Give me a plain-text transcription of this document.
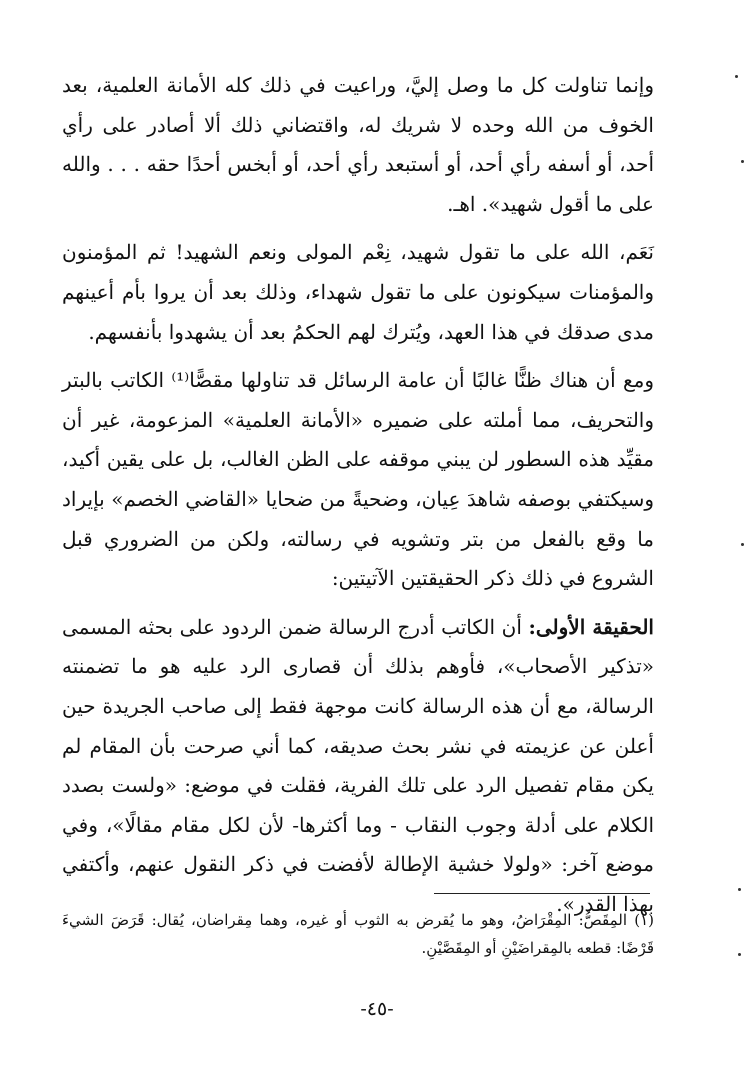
وإنما تناولت كل ما وصل إليَّ، وراعيت في ذلك كله الأمانة العلمية، بعد الخوف من الله وحده لا شريك له، واقتضاني ذلك ألا أصادر على رأي أحد، أو أسفه رأي أحد، أو أستبعد رأي أحد، أو أبخس أحدًا حقه . . . والله على ما أقول شهيد». اهـ.

نَعَم، الله على ما تقول شهيد، نِعْم المولى ونعم الشهيد! ثم المؤمنون والمؤمنات سيكونون على ما تقول شهداء، وذلك بعد أن يروا بأم أعينهم مدى صدقك في هذا العهد، ويُترك لهم الحكمُ بعد أن يشهدوا بأنفسهم.

ومع أن هناك ظنًّا غالبًا أن عامة الرسائل قد تناولها مقصًّا⁽¹⁾ الكاتب بالبتر والتحريف، مما أملته على ضميره «الأمانة العلمية» المزعومة، غير أن مقيِّد هذه السطور لن يبني موقفه على الظن الغالب، بل على يقين أكيد، وسيكتفي بوصفه شاهدَ عِيان، وضحيةً من ضحايا «القاضي الخصم» بإيراد ما وقع بالفعل من بتر وتشويه في رسالته، ولكن من الضروري قبل الشروع في ذلك ذكر الحقيقتين الآتيتين:

الحقيقة الأولى: أن الكاتب أدرج الرسالة ضمن الردود على بحثه المسمى «تذكير الأصحاب»، فأوهم بذلك أن قصارى الرد عليه هو ما تضمنته الرسالة، مع أن هذه الرسالة كانت موجهة فقط إلى صاحب الجريدة حين أعلن عن عزيمته في نشر بحث صديقه، كما أني صرحت بأن المقام لم يكن مقام تفصيل الرد على تلك الفرية، فقلت في موضع: «ولست بصدد الكلام على أدلة وجوب النقاب - وما أكثرها- لأن لكل مقام مقالًا»، وفي موضع آخر: «ولولا خشية الإطالة لأفضت في ذكر النقول عنهم، وأكتفي بهذا القدر».

(١) المِقَصُّ: المِقْرَاضُ، وهو ما يُقرض به الثوب أو غيره، وهما مِقراضان، يُقال: قَرَضَ الشيءَ قَرْضًا: قطعه بالمِقراضَيْنِ أو المِقَصَّيْنِ.

-٤٥-
